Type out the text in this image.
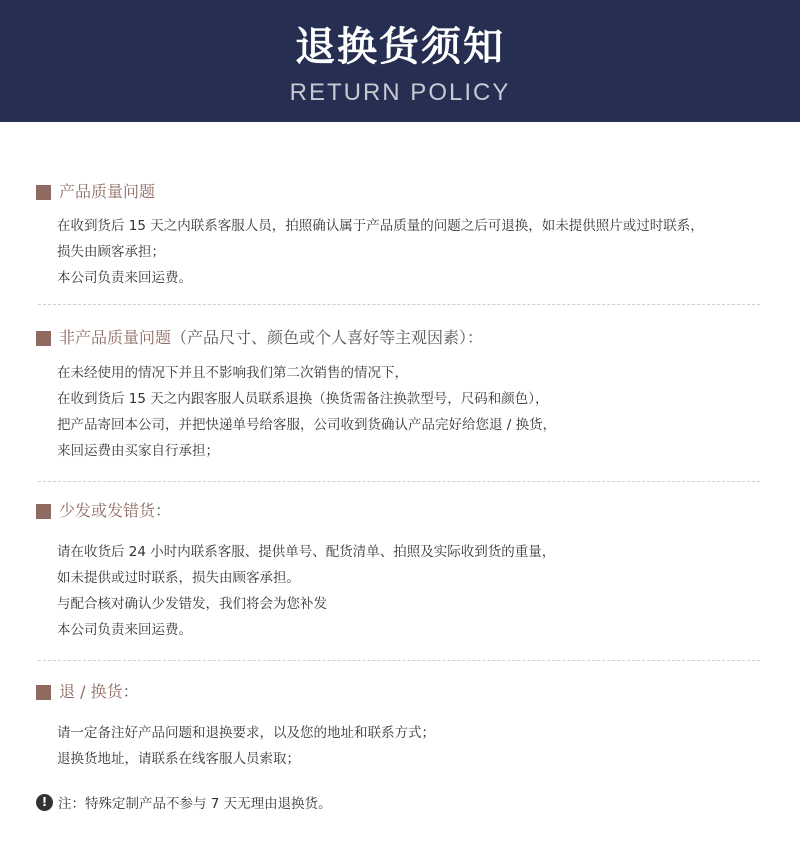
退换货须知
RETURN POLICY
产品质量问题

在收到货后 15 天之内联系客服人员，拍照确认属于产品质量的问题之后可退换，如未提供照片或过时联系，

损失由顾客承担；

本公司负责来回运费。

非产品质量问题 （产品尺寸、颜色或个人喜好等主观因素）：

在未经使用的情况下并且不影响我们第二次销售的情况下，

在收到货后 15 天之内跟客服人员联系退换（换货需备注换款型号，尺码和颜色），

把产品寄回本公司，并把快递单号给客服，公司收到货确认产品完好给您退 / 换货，

来回运费由买家自行承担；

少发或发错货 ：

请在收货后 24 小时内联系客服、提供单号、配货清单、拍照及实际收到货的重量，

如未提供或过时联系，损失由顾客承担。

与配合核对确认少发错发，我们将会为您补发

本公司负责来回运费。

退 / 换货 ：

请一定备注好产品问题和退换要求，以及您的地址和联系方式；

退换货地址，请联系在线客服人员索取；

! 注：特殊定制产品不参与 7 天无理由退换货。
